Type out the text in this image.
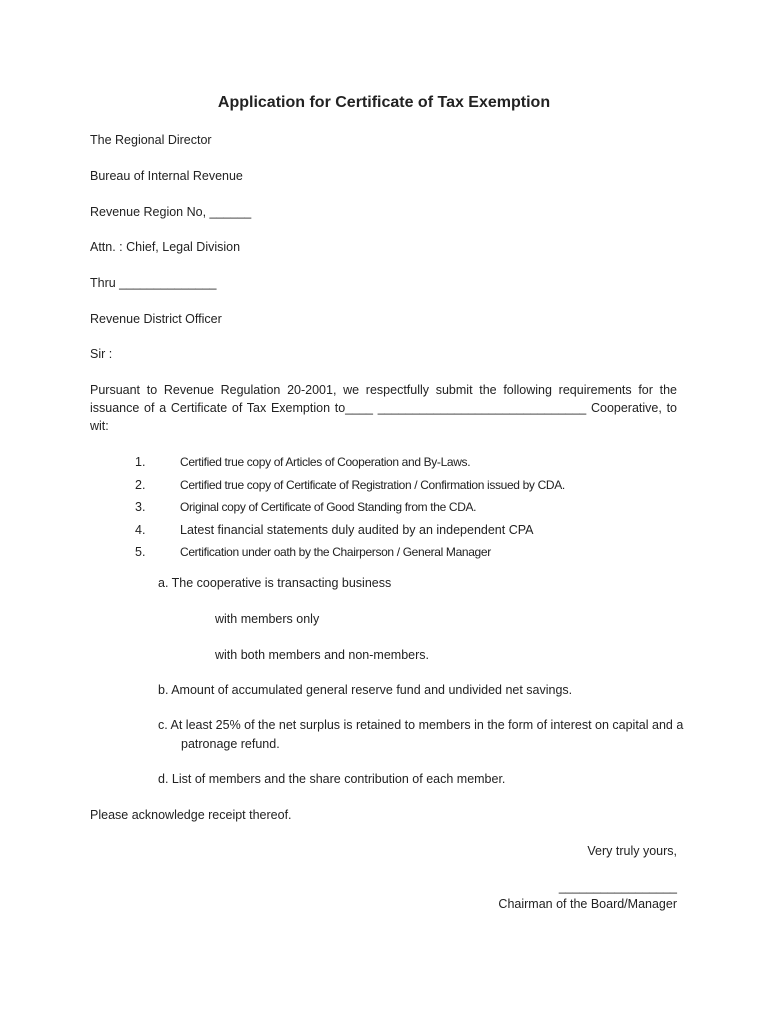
Application for Certificate of Tax Exemption

The Regional Director

Bureau of Internal Revenue

Revenue Region No, ______

Attn. : Chief, Legal Division

Thru ______________

Revenue District Officer

Sir :

Pursuant to Revenue Regulation 20-2001, we respectfully submit the following requirements for the issuance of a Certificate of Tax Exemption to____ ______________________________ Cooperative, to wit:

1.	Certified true copy of Articles of Cooperation and By-Laws.
2.	Certified true copy of Certificate of Registration / Confirmation issued by CDA.
3.	Original copy of Certificate of Good Standing from the CDA.
4.	Latest financial statements duly audited by an independent CPA
5.	Certification under oath by the Chairperson / General Manager

a. The cooperative is transacting business

with members only

with both members and non-members.

b. Amount of accumulated general reserve fund and undivided net savings.

c. At least 25% of the net surplus is retained to members in the form of interest on capital and a patronage refund.

d. List of members and the share contribution of each member.

Please acknowledge receipt thereof.

Very truly yours,

_________________

Chairman of the Board/Manager
